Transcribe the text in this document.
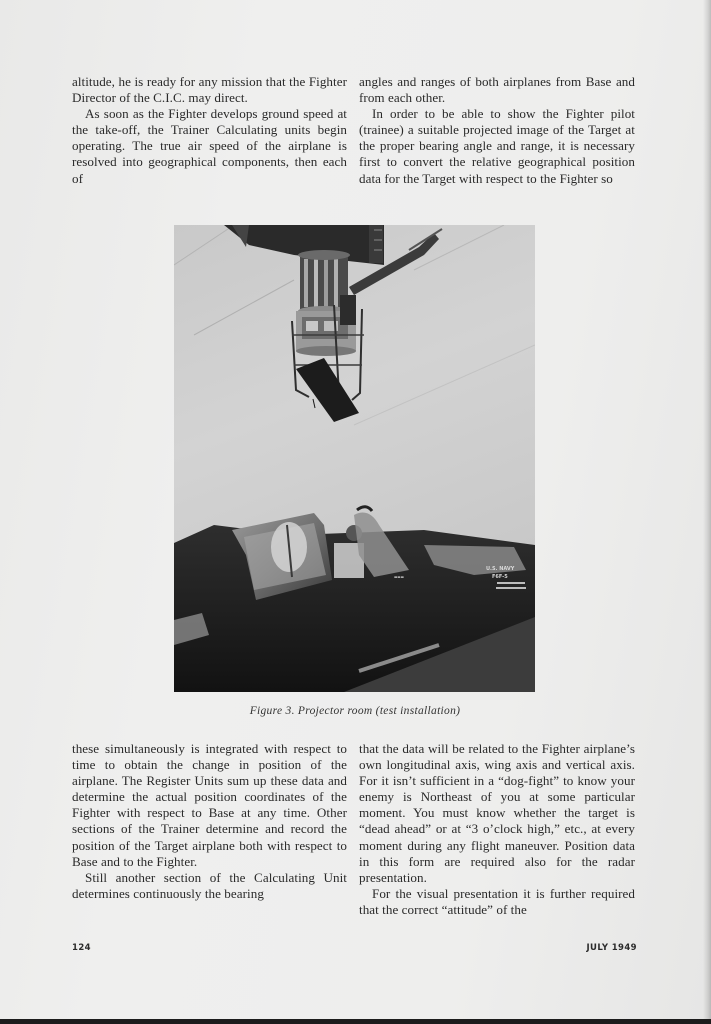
altitude, he is ready for any mission that the Fighter Director of the C.I.C. may direct.

As soon as the Fighter develops ground speed at the take-off, the Trainer Calculating units begin operating. The true air speed of the airplane is resolved into geographical components, then each of

angles and ranges of both airplanes from Base and from each other.

In order to be able to show the Fighter pilot (trainee) a suitable projected image of the Target at the proper bearing angle and range, it is necessary first to convert the relative geographical position data for the Target with respect to the Fighter so

▬▬▬
U.S. NAVY
F6F-5
Figure 3. Projector room (test installation)

these simultaneously is integrated with respect to time to obtain the change in position of the airplane. The Register Units sum up these data and determine the actual position coordinates of the Fighter with respect to Base at any time. Other sections of the Trainer determine and record the position of the Target airplane both with respect to Base and to the Fighter.

Still another section of the Calculating Unit determines continuously the bearing

that the data will be related to the Fighter airplane’s own longitudinal axis, wing axis and vertical axis. For it isn’t sufficient in a “dog-fight” to know your enemy is Northeast of you at some particular moment. You must know whether the target is “dead ahead” or at “3 o’clock high,” etc., at every moment during any flight maneuver. Position data in this form are required also for the radar presentation.

For the visual presentation it is further required that the correct “attitude” of the

124	JULY 1949
